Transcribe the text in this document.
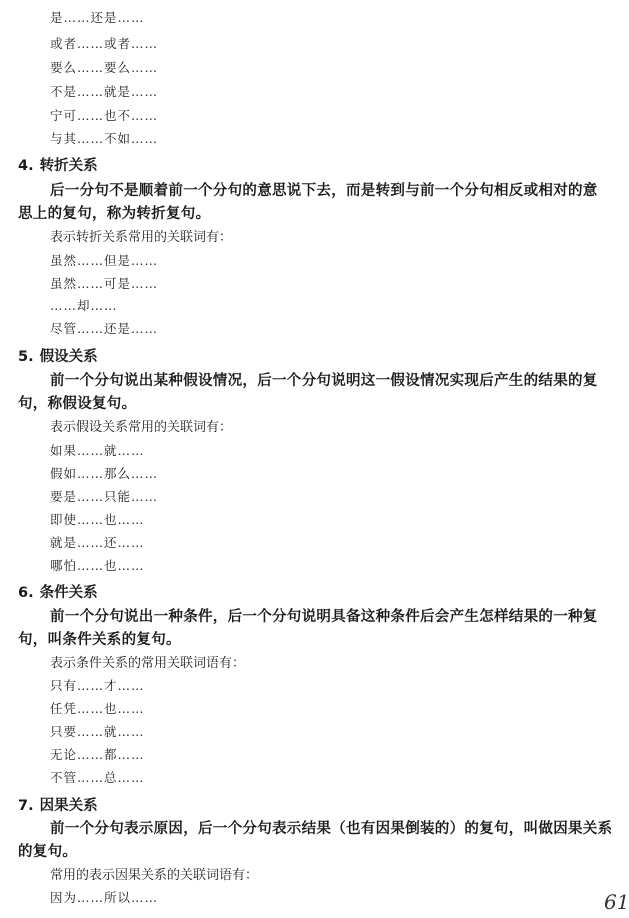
是……还是……
或者……或者……
要么……要么……
不是……就是……
宁可……也不……
与其……不如……
4. 转折关系
后一分句不是顺着前一个分句的意思说下去，而是转到与前一个分句相反或相对的意
思上的复句，称为转折复句。
表示转折关系常用的关联词有：
虽然……但是……
虽然……可是……
……却……
尽管……还是……
5. 假设关系
前一个分句说出某种假设情况，后一个分句说明这一假设情况实现后产生的结果的复
句，称假设复句。
表示假设关系常用的关联词有：
如果……就……
假如……那么……
要是……只能……
即使……也……
就是……还……
哪怕……也……
6. 条件关系
前一个分句说出一种条件，后一个分句说明具备这种条件后会产生怎样结果的一种复
句，叫条件关系的复句。
表示条件关系的常用关联词语有：
只有……才……
任凭……也……
只要……就……
无论……都……
不管……总……
7. 因果关系
前一个分句表示原因，后一个分句表示结果（也有因果倒装的）的复句，叫做因果关系
的复句。
常用的表示因果关系的关联词语有：
因为……所以……	61
